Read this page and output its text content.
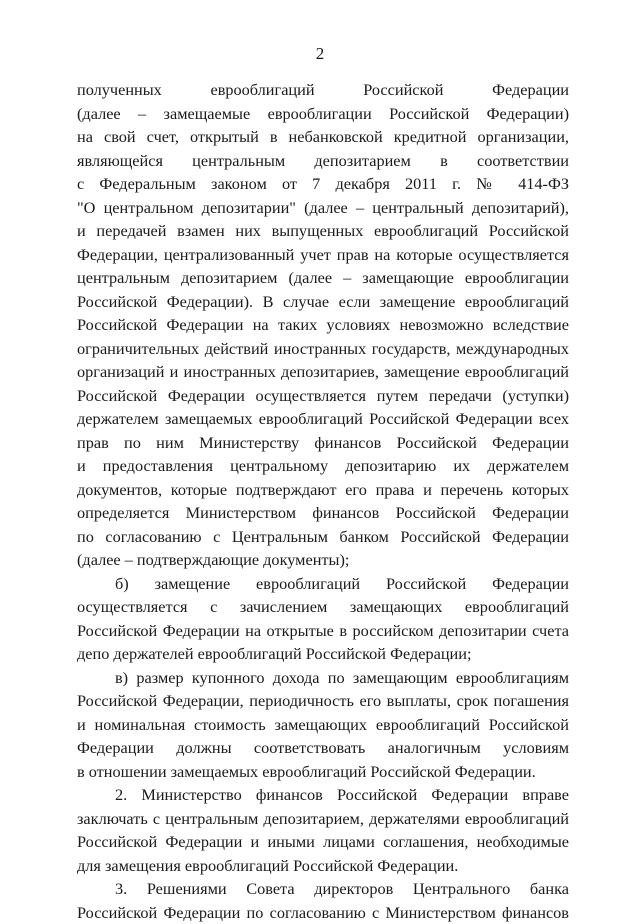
2
полученных еврооблигаций Российской Федерации
(далее – замещаемые еврооблигации Российской Федерации)
на свой счет, открытый в небанковской кредитной организации,
являющейся центральным депозитарием в соответствии
с Федеральным законом от 7 декабря 2011 г. № 414-ФЗ
"О центральном депозитарии" (далее – центральный депозитарий),
и передачей взамен них выпущенных еврооблигаций Российской
Федерации, централизованный учет прав на которые осуществляется
центральным депозитарием (далее – замещающие еврооблигации
Российской Федерации). В случае если замещение еврооблигаций
Российской Федерации на таких условиях невозможно вследствие
ограничительных действий иностранных государств, международных
организаций и иностранных депозитариев, замещение еврооблигаций
Российской Федерации осуществляется путем передачи (уступки)
держателем замещаемых еврооблигаций Российской Федерации всех
прав по ним Министерству финансов Российской Федерации
и предоставления центральному депозитарию их держателем
документов, которые подтверждают его права и перечень которых
определяется Министерством финансов Российской Федерации
по согласованию с Центральным банком Российской Федерации
(далее – подтверждающие документы);
б) замещение еврооблигаций Российской Федерации
осуществляется с зачислением замещающих еврооблигаций
Российской Федерации на открытые в российском депозитарии счета
депо держателей еврооблигаций Российской Федерации;
в) размер купонного дохода по замещающим еврооблигациям
Российской Федерации, периодичность его выплаты, срок погашения
и номинальная стоимость замещающих еврооблигаций Российской
Федерации должны соответствовать аналогичным условиям
в отношении замещаемых еврооблигаций Российской Федерации.
2. Министерство финансов Российской Федерации вправе
заключать с центральным депозитарием, держателями еврооблигаций
Российской Федерации и иными лицами соглашения, необходимые
для замещения еврооблигаций Российской Федерации.
3. Решениями Совета директоров Центрального банка
Российской Федерации по согласованию с Министерством финансов
